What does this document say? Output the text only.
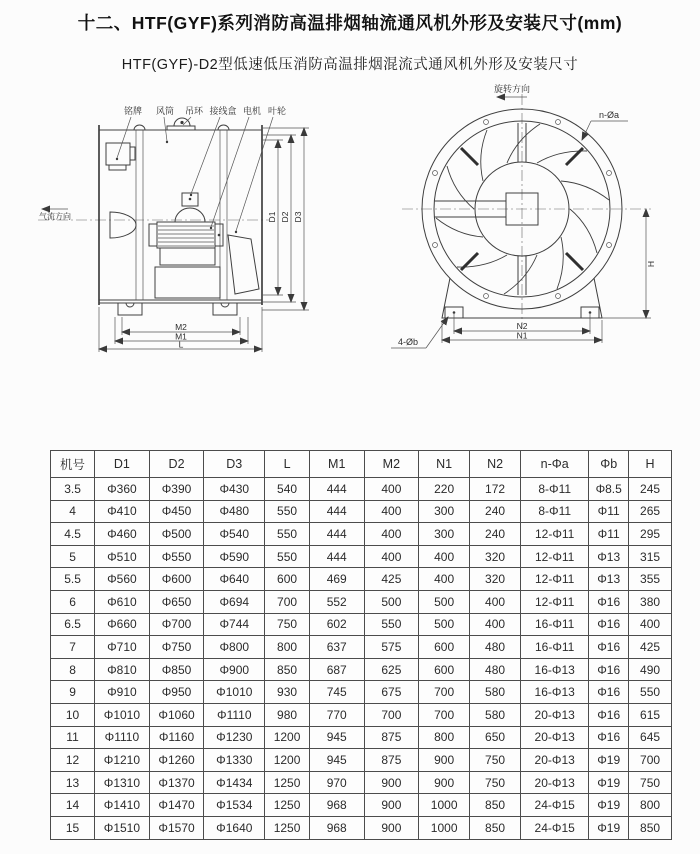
十二、HTF(GYF)系列消防高温排烟轴流通风机外形及安装尺寸(mm)
HTF(GYF)-D2型低速低压消防高温排烟混流式通风机外形及安装尺寸
铭牌 风筒 吊环 接线盒 电机 叶轮
气流方向	D1 D2 D3
M2
M1
L
旋转方向
n-Øa
4-Øb
N2
N1
H
机号	D1	D2	D3	L	M1	M2	N1	N2	n-Φa	Φb	H
3.5	Φ360	Φ390	Φ430	540	444	400	220	172	8-Φ11	Φ8.5	245
4	Φ410	Φ450	Φ480	550	444	400	300	240	8-Φ11	Φ11	265
4.5	Φ460	Φ500	Φ540	550	444	400	300	240	12-Φ11	Φ11	295
5	Φ510	Φ550	Φ590	550	444	400	400	320	12-Φ11	Φ13	315
5.5	Φ560	Φ600	Φ640	600	469	425	400	320	12-Φ11	Φ13	355
6	Φ610	Φ650	Φ694	700	552	500	500	400	12-Φ11	Φ16	380
6.5	Φ660	Φ700	Φ744	750	602	550	500	400	16-Φ11	Φ16	400
7	Φ710	Φ750	Φ800	800	637	575	600	480	16-Φ11	Φ16	425
8	Φ810	Φ850	Φ900	850	687	625	600	480	16-Φ13	Φ16	490
9	Φ910	Φ950	Φ1010	930	745	675	700	580	16-Φ13	Φ16	550
10	Φ1010	Φ1060	Φ1110	980	770	700	700	580	20-Φ13	Φ16	615
11	Φ1110	Φ1160	Φ1230	1200	945	875	800	650	20-Φ13	Φ16	645
12	Φ1210	Φ1260	Φ1330	1200	945	875	900	750	20-Φ13	Φ19	700
13	Φ1310	Φ1370	Φ1434	1250	970	900	900	750	20-Φ13	Φ19	750
14	Φ1410	Φ1470	Φ1534	1250	968	900	1000	850	24-Φ15	Φ19	800
15	Φ1510	Φ1570	Φ1640	1250	968	900	1000	850	24-Φ15	Φ19	850
